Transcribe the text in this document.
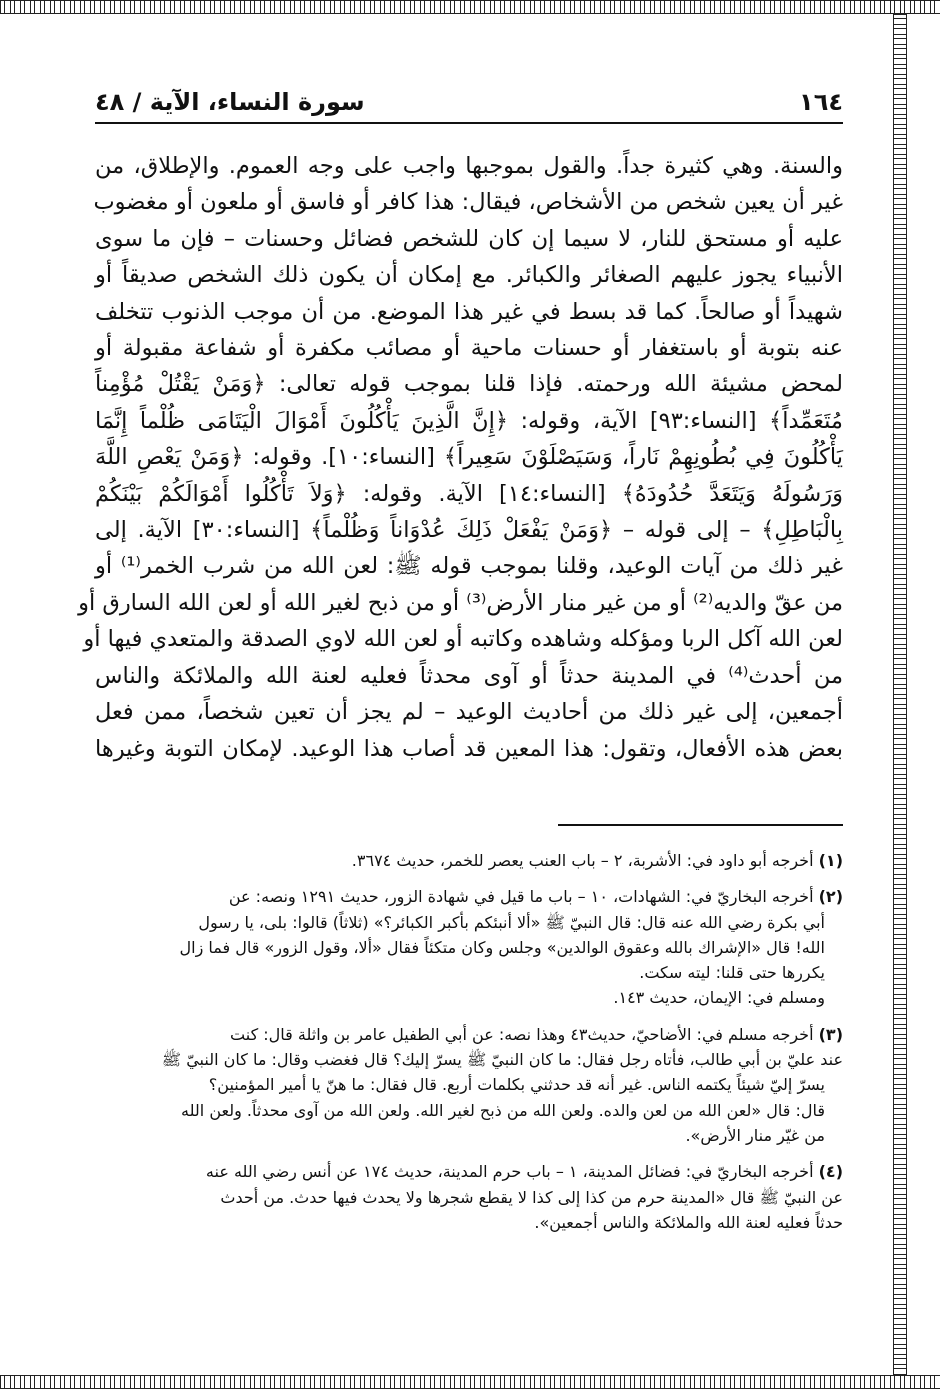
١٦٤
سورة النساء، الآية / ٤٨

والسنة. وهي كثيرة جداً. والقول بموجبها واجب على وجه العموم. والإطلاق، من

غير أن يعين شخص من الأشخاص، فيقال: هذا كافر أو فاسق أو ملعون أو مغضوب

عليه أو مستحق للنار، لا سيما إن كان للشخص فضائل وحسنات – فإن ما سوى

الأنبياء يجوز عليهم الصغائر والكبائر. مع إمكان أن يكون ذلك الشخص صديقاً أو

شهيداً أو صالحاً. كما قد بسط في غير هذا الموضع. من أن موجب الذنوب تتخلف

عنه بتوبة أو باستغفار أو حسنات ماحية أو مصائب مكفرة أو شفاعة مقبولة أو

لمحض مشيئة الله ورحمته. فإذا قلنا بموجب قوله تعالى: ﴿وَمَنْ يَقْتُلْ مُؤْمِناً

مُتَعَمِّداً﴾ [النساء:٩٣] الآية، وقوله: ﴿إِنَّ الَّذِينَ يَأْكُلُونَ أَمْوَالَ الْيَتَامَى ظُلْماً إِنَّمَا

يَأْكُلُونَ فِي بُطُونِهِمْ نَاراً، وَسَيَصْلَوْنَ سَعِيراً﴾ [النساء:١٠]. وقوله: ﴿وَمَنْ يَعْصِ اللَّهَ

وَرَسُولَهُ وَيَتَعَدَّ حُدُودَهُ﴾ [النساء:١٤] الآية. وقوله: ﴿وَلاَ تَأْكُلُوا أَمْوَالَكُمْ بَيْنَكُمْ

بِالْبَاطِلِ﴾ – إلى قوله – ﴿وَمَنْ يَفْعَلْ ذَلِكَ عُدْوَاناً وَظُلْماً﴾ [النساء:٣٠] الآية. إلى

غير ذلك من آيات الوعيد، وقلنا بموجب قوله ﷺ: لعن الله من شرب الخمر⁽¹⁾ أو

من عقّ والديه⁽²⁾ أو من غير منار الأرض⁽³⁾ أو من ذبح لغير الله أو لعن الله السارق أو

لعن الله آكل الربا ومؤكله وشاهده وكاتبه أو لعن الله لاوي الصدقة والمتعدي فيها أو

من أحدث⁽⁴⁾ في المدينة حدثاً أو آوى محدثاً فعليه لعنة الله والملائكة والناس

أجمعين، إلى غير ذلك من أحاديث الوعيد – لم يجز أن تعين شخصاً، ممن فعل

بعض هذه الأفعال، وتقول: هذا المعين قد أصاب هذا الوعيد. لإمكان التوبة وغيرها

(١) أخرجه أبو داود في: الأشربة، ٢ – باب العنب يعصر للخمر، حديث ٣٦٧٤.

(٢) أخرجه البخاريّ في: الشهادات، ١٠ – باب ما قيل في شهادة الزور، حديث ١٢٩١ ونصه: عن

أبي بكرة رضي الله عنه قال: قال النبيّ ﷺ «ألا أنبئكم بأكبر الكبائر؟» (ثلاثاً) قالوا: بلى، يا رسول

الله! قال «الإشراك بالله وعقوق الوالدين» وجلس وكان متكئاً فقال «ألا، وقول الزور» قال فما زال

يكررها حتى قلنا: ليته سكت.

ومسلم في: الإيمان، حديث ١٤٣.

(٣) أخرجه مسلم في: الأضاحيّ، حديث٤٣ وهذا نصه: عن أبي الطفيل عامر بن واثلة قال: كنت

عند عليّ بن أبي طالب، فأتاه رجل فقال: ما كان النبيّ ﷺ يسرّ إليك؟ قال فغضب وقال: ما كان النبيّ ﷺ

يسرّ إليّ شيئاً يكتمه الناس. غير أنه قد حدثني بكلمات أربع. قال فقال: ما هنّ يا أمير المؤمنين؟

قال: قال «لعن الله من لعن والده. ولعن الله من ذبح لغير الله. ولعن الله من آوى محدثاً. ولعن الله

من غيّر منار الأرض».

(٤) أخرجه البخاريّ في: فضائل المدينة، ١ – باب حرم المدينة، حديث ١٧٤ عن أنس رضي الله عنه

عن النبيّ ﷺ قال «المدينة حرم من كذا إلى كذا لا يقطع شجرها ولا يحدث فيها حدث. من أحدث

حدثاً فعليه لعنة الله والملائكة والناس أجمعين».
